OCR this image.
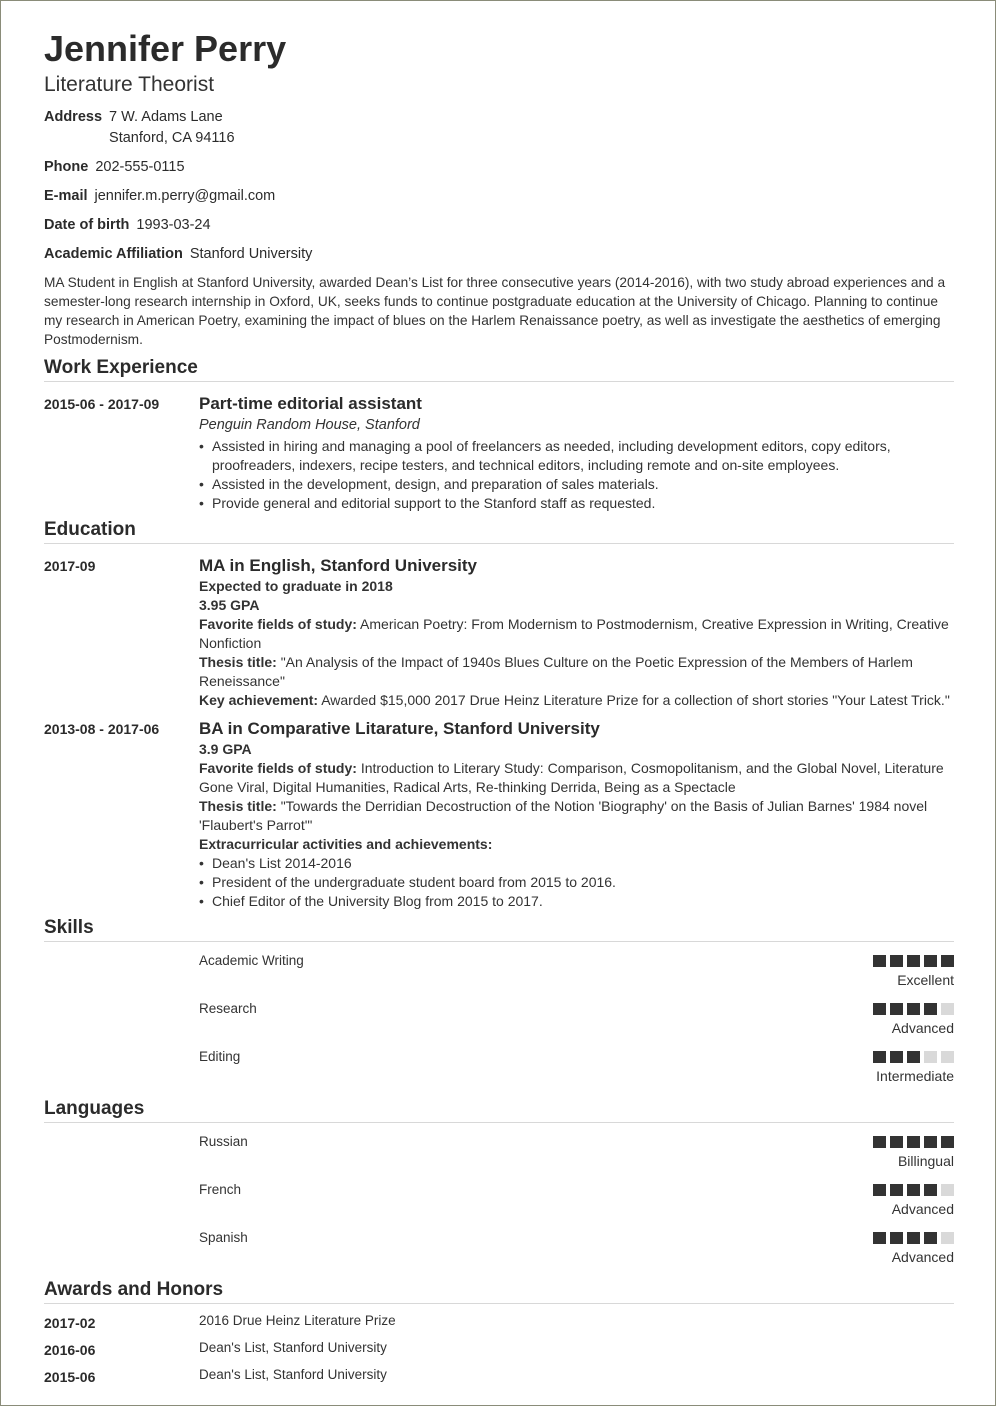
Jennifer Perry
Literature Theorist
Address 7 W. Adams Lane
Stanford, CA 94116
Phone 202-555-0115
E-mail jennifer.m.perry@gmail.com
Date of birth 1993-03-24
Academic Affiliation Stanford University
MA Student in English at Stanford University, awarded Dean’s List for three consecutive years (2014-2016), with two study abroad experiences and a semester-long research internship in Oxford, UK, seeks funds to continue postgraduate education at the University of Chicago. Planning to continue my research in American Poetry, examining the impact of blues on the Harlem Renaissance poetry, as well as investigate the aesthetics of emerging Postmodernism.
Work Experience
2015-06 - 2017-09	Part-time editorial assistant
Penguin Random House, Stanford
• Assisted in hiring and managing a pool of freelancers as needed, including development editors, copy editors, proofreaders, indexers, recipe testers, and technical editors, including remote and on-site employees.
• Assisted in the development, design, and preparation of sales materials.
• Provide general and editorial support to the Stanford staff as requested.
Education
2017-09	MA in English, Stanford University
Expected to graduate in 2018
3.95 GPA
Favorite fields of study: American Poetry: From Modernism to Postmodernism, Creative Expression in Writing, Creative Nonfiction
Thesis title: "An Analysis of the Impact of 1940s Blues Culture on the Poetic Expression of the Members of Harlem Reneissance"
Key achievement: Awarded $15,000 2017 Drue Heinz Literature Prize for a collection of short stories "Your Latest Trick."
2013-08 - 2017-06	BA in Comparative Litarature, Stanford University
3.9 GPA
Favorite fields of study: Introduction to Literary Study: Comparison, Cosmopolitanism, and the Global Novel, Literature Gone Viral, Digital Humanities, Radical Arts, Re-thinking Derrida, Being as a Spectacle
Thesis title: "Towards the Derridian Decostruction of the Notion 'Biography' on the Basis of Julian Barnes' 1984 novel 'Flaubert's Parrot'"
Extracurricular activities and achievements:
• Dean's List 2014-2016
• President of the undergraduate student board from 2015 to 2016.
• Chief Editor of the University Blog from 2015 to 2017.
Skills
Academic Writing
Excellent
Research
Advanced
Editing
Intermediate
Languages
Russian
Billingual
French
Advanced
Spanish
Advanced
Awards and Honors
2017-02	2016 Drue Heinz Literature Prize
2016-06	Dean's List, Stanford University
2015-06	Dean's List, Stanford University
